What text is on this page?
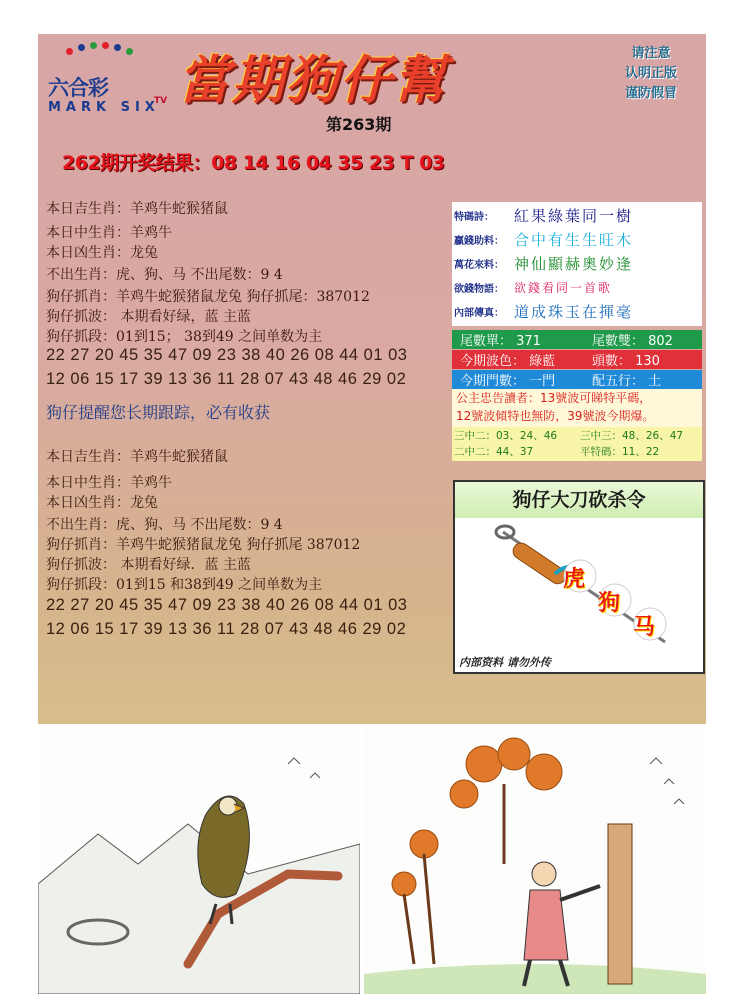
六合彩
MARK SIX
TV 當期狗仔幫	请注意
认明正版
谨防假冒
第263期
262期开奖结果：08 14 16 04 35 23 T 03
本日吉生肖：羊鸡牛蛇猴猪鼠
本日中生肖：羊鸡牛
本日凶生肖：龙兔
不出生肖：虎、狗、马 不出尾数：9 4
狗仔抓肖：羊鸡牛蛇猴猪鼠龙兔 狗仔抓尾：387012
狗仔抓波： 本期看好绿，蓝 主蓝
狗仔抓段：01到15； 38到49 之间单数为主
22 27 20 45 35 47 09 23 38 40 26 08 44 01 03
12 06 15 17 39 13 36 11 28 07 43 48 46 29 02
狗仔提醒您长期跟踪，必有收获
本日吉生肖：羊鸡牛蛇猴猪鼠
本日中生肖：羊鸡牛
本日凶生肖：龙兔
不出生肖：虎、狗、马 不出尾数：9 4
狗仔抓肖：羊鸡牛蛇猴猪鼠龙兔 狗仔抓尾 387012
狗仔抓波： 本期看好绿．蓝 主蓝
狗仔抓段：01到15 和38到49 之间单数为主
22 27 20 45 35 47 09 23 38 40 26 08 44 01 03
12 06 15 17 39 13 36 11 28 07 43 48 46 29 02
特碼詩：	紅果綠葉同一樹
贏錢助料： 合中有生生旺木
萬花來料： 神仙顯赫奧妙逢
欲錢物語： 欲錢看同一首歌
內部傳真： 道成珠玉在揮毫
尾數單： 371	尾數雙： 802
今期波色： 綠藍	頭數： 130
今期門數： 一門	配五行： 土
公主忠告讀者：13號波可睇特平碼，
12號波傾特也無防，39號波今期爆。
三中二：03、24、46 三中三：48、26、47
二中二：44、37	平特碼：11、22
狗仔大刀砍杀令
虎
狗
马
内部资料 请勿外传
